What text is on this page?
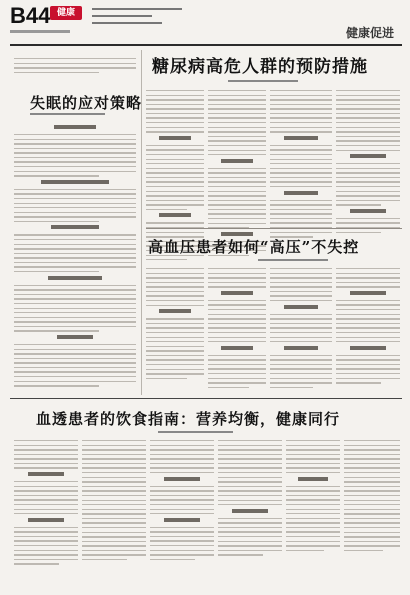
B44 健康
健康促进
糖尿病高危人群的预防措施
失眠的应对策略
高血压患者如何“高压”不失控
血透患者的饮食指南：营养均衡，健康同行
